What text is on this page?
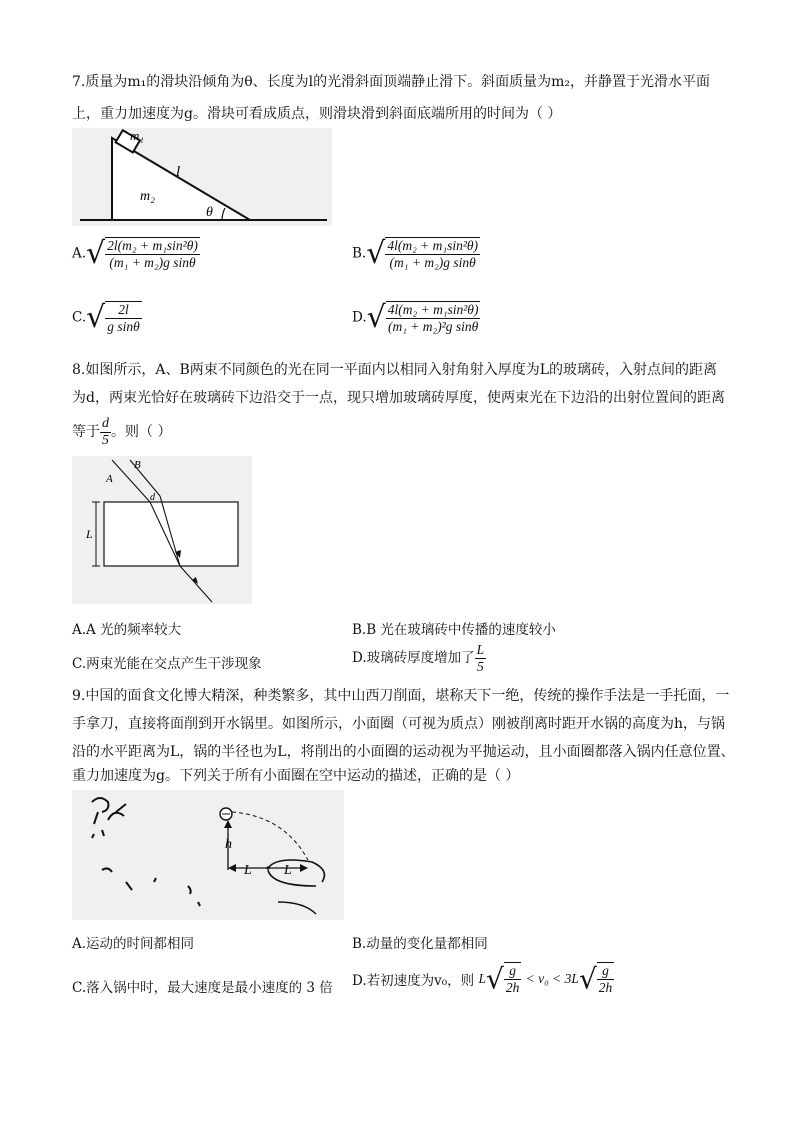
7.质量为m₁的滑块沿倾角为θ、长度为l的光滑斜面顶端静止滑下。斜面质量为m₂，并静置于光滑水平面
上，重力加速度为g。滑块可看成质点，则滑块滑到斜面底端所用的时间为（ ）
m₁
l
m₂
θ
$A.√ \frac{\text{2l(m₂ + m₁sin²θ)}}{\text{(m₁ + m₂)g sinθ}}$	$B.√ \frac{\text{4l(m₂ + m₁sin²θ)}}{\text{(m₁ + m₂)g sinθ}}$
$C.√ \frac{2l}{\text{g sinθ}}$	$D.√ \frac{\text{4l(m₂ + m₁sin²θ)}}{\text{(m₁ + m₂)²g sinθ}}$
8.如图所示，A、B两束不同颜色的光在同一平面内以相同入射角射入厚度为L的玻璃砖，入射点间的距离
为d，两束光恰好在玻璃砖下边沿交于一点，现只增加玻璃砖厚度，使两束光在下边沿的出射位置间的距离
等于 $\frac{d}{5}$ 。则（ ）
L
A
B
d
A.A 光的频率较大	B.B 光在玻璃砖中传播的速度较小
C.两束光能在交点产生干涉现象	D.玻璃砖厚度增加了 $\frac{L}{5}$
9.中国的面食文化博大精深，种类繁多，其中山西刀削面，堪称天下一绝，传统的操作手法是一手托面，一
手拿刀，直接将面削到开水锅里。如图所示，小面圈（可视为质点）刚被削离时距开水锅的高度为h，与锅
沿的水平距离为L，锅的半径也为L，将削出的小面圈的运动视为平抛运动，且小面圈都落入锅内任意位置、
重力加速度为g。下列关于所有小面圈在空中运动的描述，正确的是（ ）
h
L L
A.运动的时间都相同	B.动量的变化量都相同
C.落入锅中时，最大速度是最小速度的 3 倍 D.若初速度为v₀，则 $L√ \frac{g}{2h} < v_0 < 3L√ \frac{g}{2h}$
